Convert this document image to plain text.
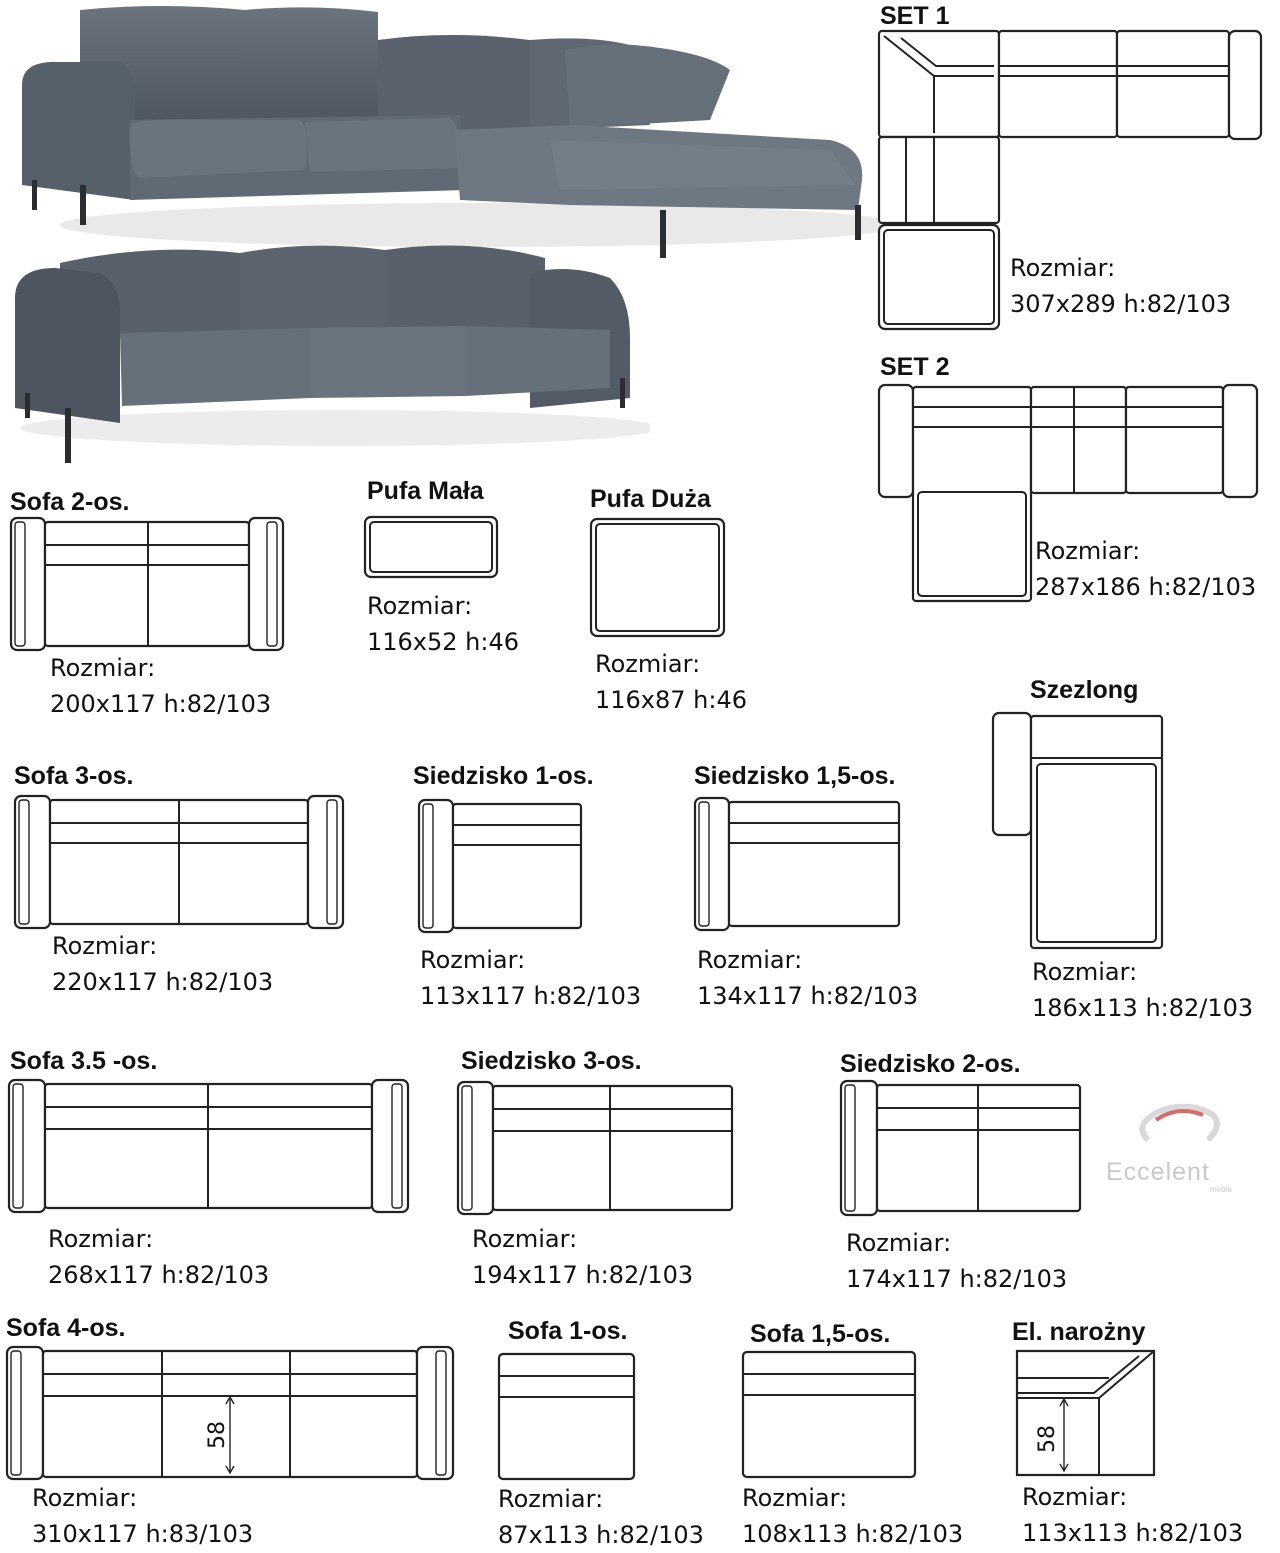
SET 1
Rozmiar:
307x289 h:82/103
SET 2
Rozmiar:
287x186 h:82/103
Sofa 2-os.
Rozmiar:
200x117 h:82/103
Pufa Mała
Rozmiar:
116x52 h:46
Pufa Duża
Rozmiar:
116x87 h:46	Szezlong
Rozmiar:
186x113 h:82/103
Sofa 3-os.
Rozmiar:
220x117 h:82/103
Siedzisko 1-os.
Rozmiar:
113x117 h:82/103
Siedzisko 1,5-os.
Rozmiar:
134x117 h:82/103
Sofa 3.5 -os.
Rozmiar:
268x117 h:82/103
Siedzisko 3-os.
Rozmiar:
194x117 h:82/103
Siedzisko 2-os.
Rozmiar:
174x117 h:82/103
Eccelent
meble
Sofa 4-os.
58
Rozmiar:
310x117 h:83/103
Sofa 1-os.
Rozmiar:
87x113 h:82/103
Sofa 1,5-os.
Rozmiar:
108x113 h:82/103
El. narożny
58
Rozmiar:
113x113 h:82/103
